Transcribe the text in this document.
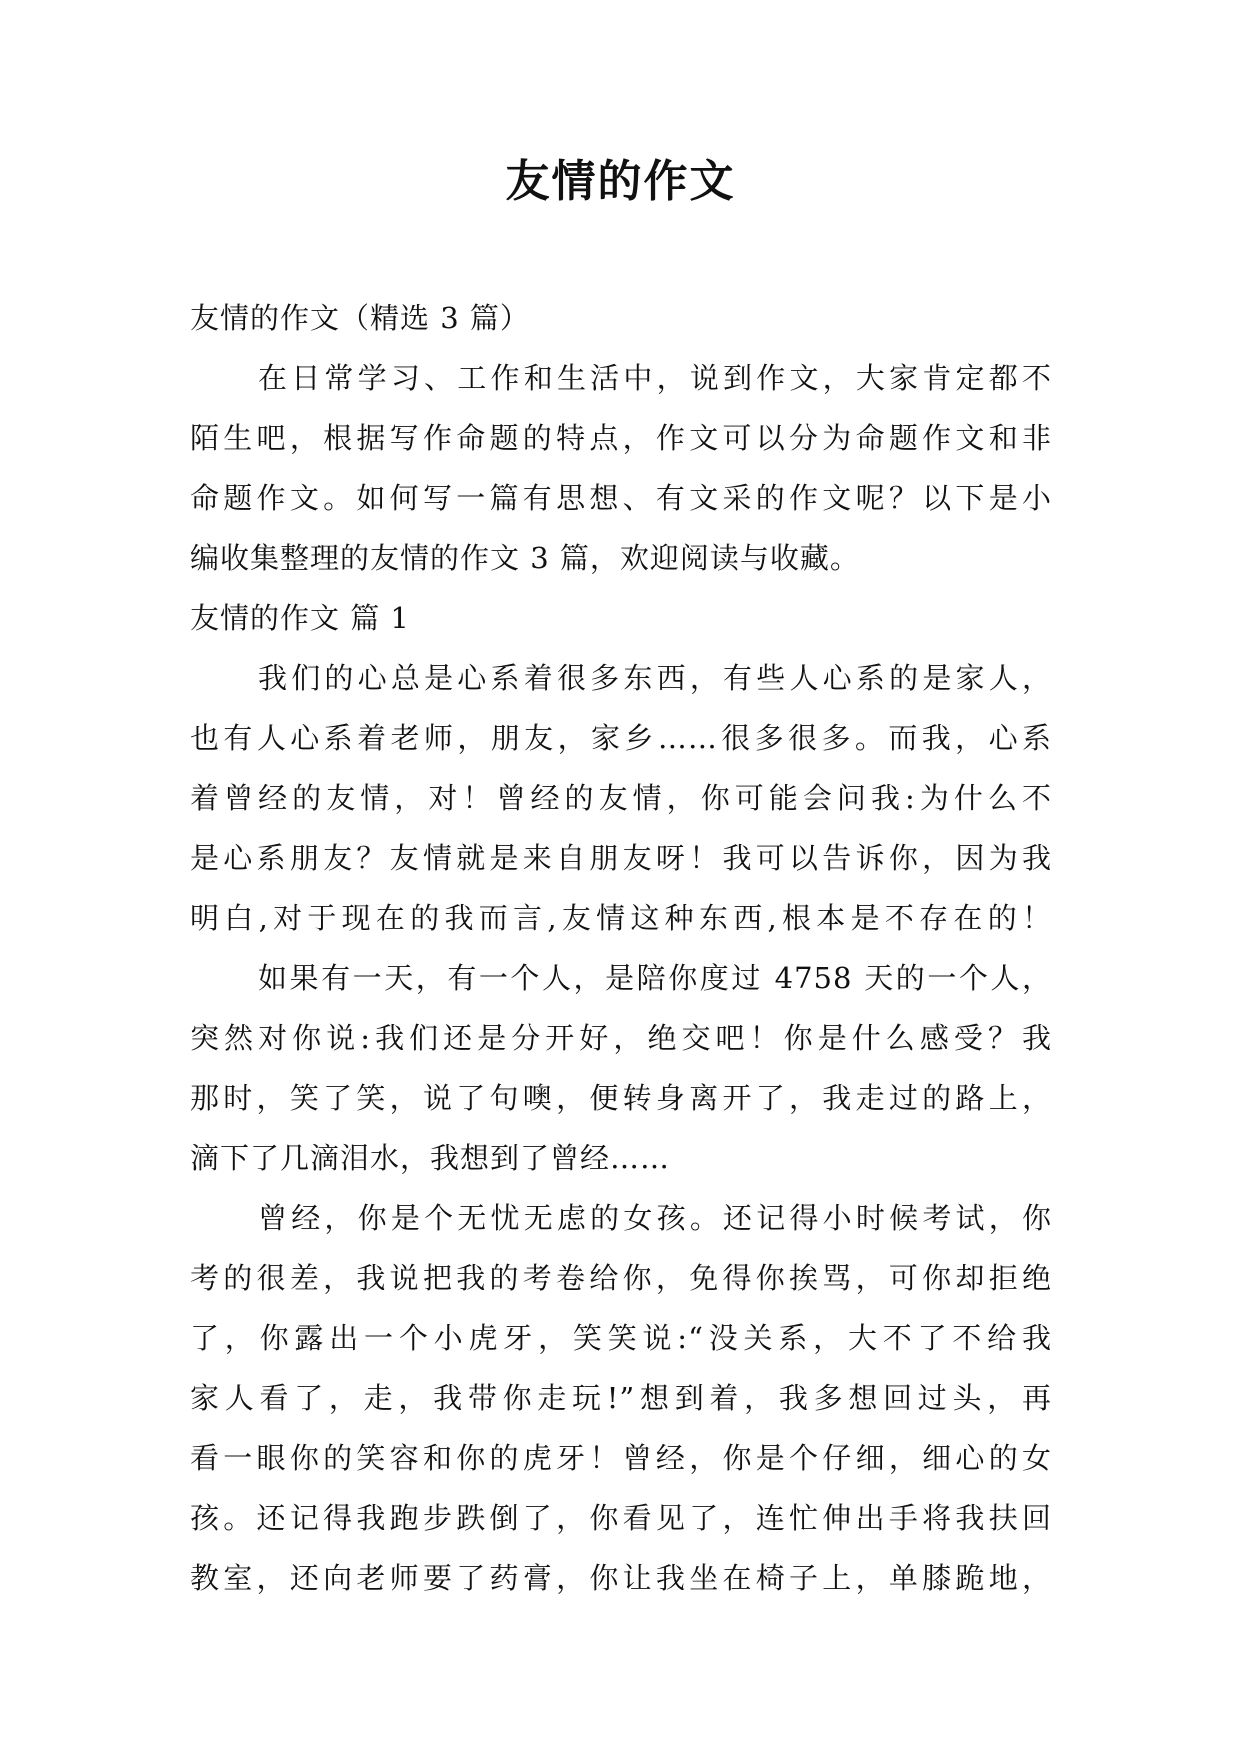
友情的作文
友情的作文（精选 3 篇）
在日常学习、工作和生活中，说到作文，大家肯定都不
陌生吧，根据写作命题的特点，作文可以分为命题作文和非
命题作文。如何写一篇有思想、有文采的作文呢？以下是小
编收集整理的友情的作文 3 篇，欢迎阅读与收藏。
友情的作文 篇 1
我们的心总是心系着很多东西，有些人心系的是家人，
也有人心系着老师，朋友，家乡……很多很多。而我，心系
着曾经的友情，对！曾经的友情，你可能会问我:为什么不
是心系朋友？友情就是来自朋友呀！我可以告诉你，因为我
明白,对于现在的我而言,友情这种东西,根本是不存在的！
如果有一天，有一个人，是陪你度过 4758 天的一个人，
突然对你说:我们还是分开好，绝交吧！你是什么感受？我
那时，笑了笑，说了句噢，便转身离开了，我走过的路上，
滴下了几滴泪水，我想到了曾经……
曾经，你是个无忧无虑的女孩。还记得小时候考试，你
考的很差，我说把我的考卷给你，免得你挨骂，可你却拒绝
了，你露出一个小虎牙，笑笑说:“没关系，大不了不给我
家人看了，走，我带你走玩!”想到着，我多想回过头，再
看一眼你的笑容和你的虎牙！曾经，你是个仔细，细心的女
孩。还记得我跑步跌倒了，你看见了，连忙伸出手将我扶回
教室，还向老师要了药膏，你让我坐在椅子上，单膝跪地，
